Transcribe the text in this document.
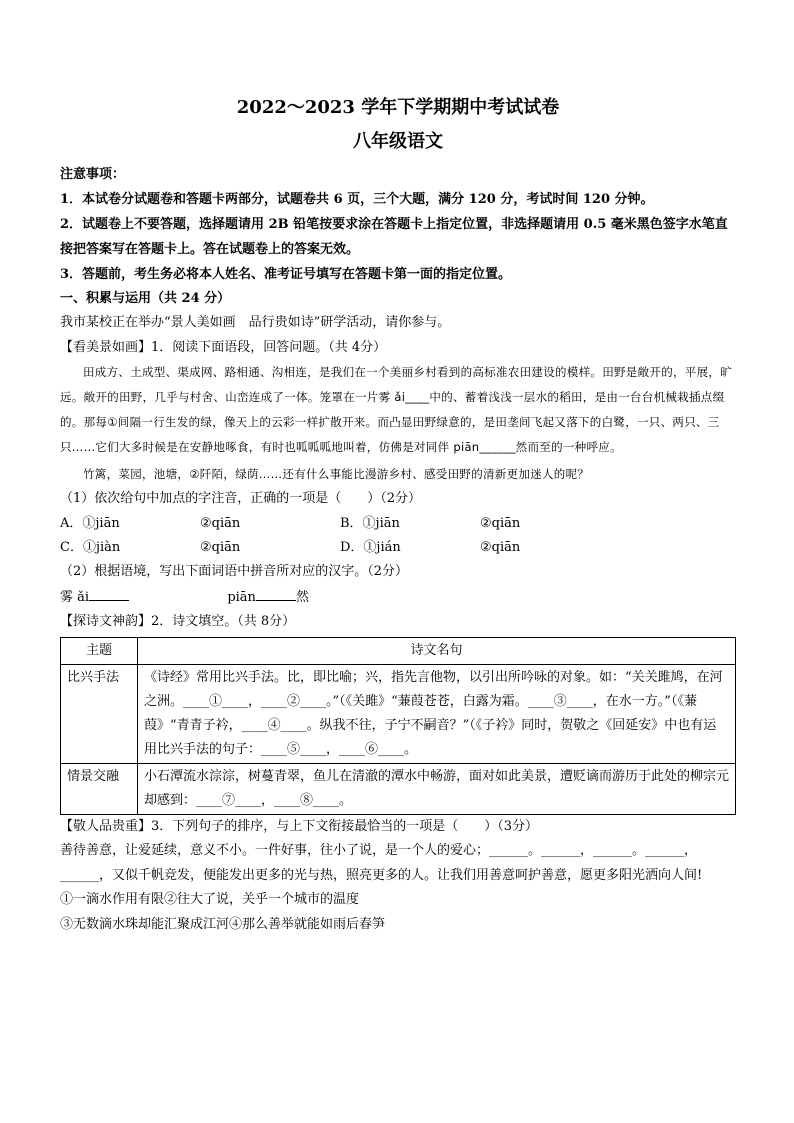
2022～2023 学年下学期期中考试试卷
八年级语文

注意事项：

1．本试卷分试题卷和答题卡两部分，试题卷共 6 页，三个大题，满分 120 分，考试时间 120 分钟。

2．试题卷上不要答题，选择题请用 2B 铅笔按要求涂在答题卡上指定位置，非选择题请用 0.5 毫米黑色签字水笔直接把答案写在答题卡上。答在试题卷上的答案无效。

3．答题前，考生务必将本人姓名、准考证号填写在答题卡第一面的指定位置。

一、积累与运用（共 24 分）

我市某校正在举办“景人美如画　品行贵如诗”研学活动，请你参与。

【看美景如画】1．阅读下面语段，回答问题。（共 4分）

田成方、土成型、渠成网、路相通、沟相连，是我们在一个美丽乡村看到的高标准农田建设的模样。田野是敞开的，平展，旷远。敞开的田野，几乎与村舍、山峦连成了一体。笼罩在一片雾 ǎi____中的、蓄着浅浅一层水的稻田，是由一台台机械栽插点缀的。那每①间隔一行生发的绿，像天上的云彩一样扩散开来。而凸显田野绿意的，是田垄间飞起又落下的白鹭，一只、两只、三只……它们大多时候是在安静地啄食，有时也呱呱呱地叫着，仿佛是对同伴 piān______然而至的一种呼应。

竹篱，菜园，池塘，②阡陌，绿荫……还有什么事能比漫游乡村、感受田野的清新更加迷人的呢？

（1）依次给句中加点的字注音，正确的一项是（　　）（2分）

A．①jiān	②qiān	B．①jiān	②qiān
C．①jiàn	②qiān	D．①jián	②qiān

（2）根据语境，写出下面词语中拼音所对应的汉字。（2分）

雾 ǎi	piān	然

【探诗文神韵】2．诗文填空。（共 8分）

主题	诗文名句
比兴手法	《诗经》常用比兴手法。比，即比喻；兴，指先言他物，以引出所吟咏的对象。如：“关关雎鸠，在河之洲。____①____，____②____。”（《关雎》“蒹葭苍苍，白露为霜。____③____，在水一方。”（《蒹葭》“青青子衿，____④____。纵我不往，子宁不嗣音？”（《子衿》同时，贺敬之《回延安》中也有运用比兴手法的句子：____⑤____，____⑥____。
情景交融	小石潭流水淙淙，树蔓青翠，鱼儿在清澈的潭水中畅游，面对如此美景，遭贬谪而游历于此处的柳宗元却感到：____⑦____，____⑧____。

【敬人品贵重】3．下列句子的排序，与上下文衔接最恰当的一项是（　　）（3分）

善待善意，让爱延续，意义不小。一件好事，往小了说，是一个人的爱心；______。______，______。______，______，又似千帆竞发，便能发出更多的光与热，照亮更多的人。让我们用善意呵护善意，愿更多阳光洒向人间!

①一滴水作用有限②往大了说，关乎一个城市的温度

③无数滴水珠却能汇聚成江河④那么善举就能如雨后春笋
